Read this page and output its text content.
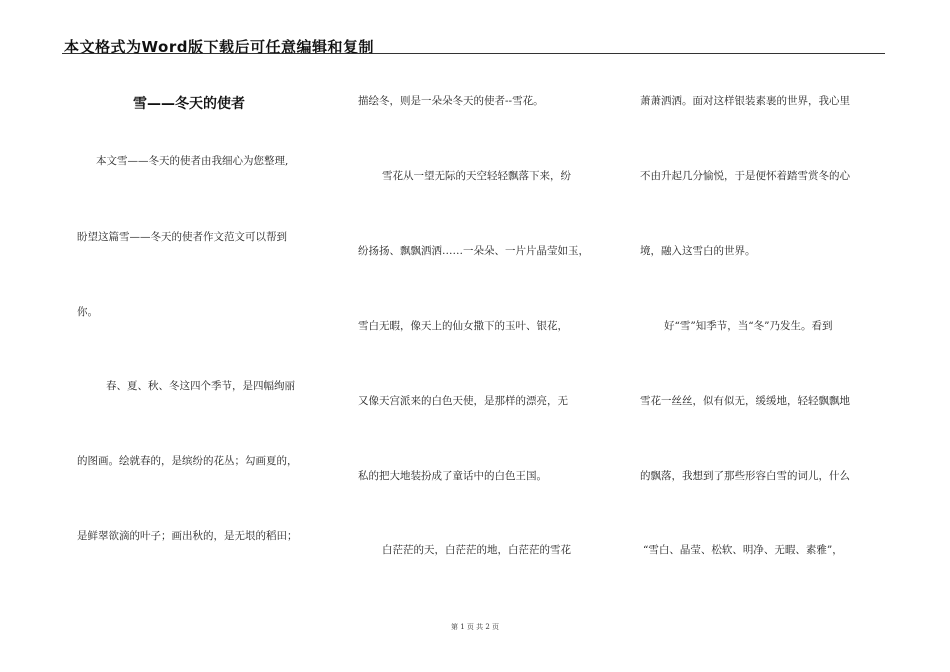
本文格式为Word版下载后可任意编辑和复制
雪——冬天的使者
本文雪——冬天的使者由我细心为您整理,
盼望这篇雪——冬天的使者作文范文可以帮到
你。
春、夏、秋、冬这四个季节，是四幅绚丽
的图画。绘就春的，是缤纷的花丛；勾画夏的，
是鲜翠欲滴的叶子；画出秋的，是无垠的稻田；
描绘冬，则是一朵朵冬天的使者--雪花。
雪花从一望无际的天空轻轻飘落下来，纷
纷扬扬、飘飘洒洒……一朵朵、一片片晶莹如玉，
雪白无暇，像天上的仙女撒下的玉叶、银花，
又像天宫派来的白色天使，是那样的漂亮，无
私的把大地装扮成了童话中的白色王国。
白茫茫的天，白茫茫的地，白茫茫的雪花
萧萧洒洒。面对这样银装素裹的世界，我心里
不由升起几分愉悦，于是便怀着踏雪赏冬的心
境，融入这雪白的世界。
好“雪”知季节，当“冬”乃发生。看到
雪花一丝丝，似有似无，缓缓地，轻轻飘飘地
的飘落，我想到了那些形容白雪的词儿，什么
“雪白、晶莹、松软、明净、无暇、素雅”，
第 1 页 共 2 页
